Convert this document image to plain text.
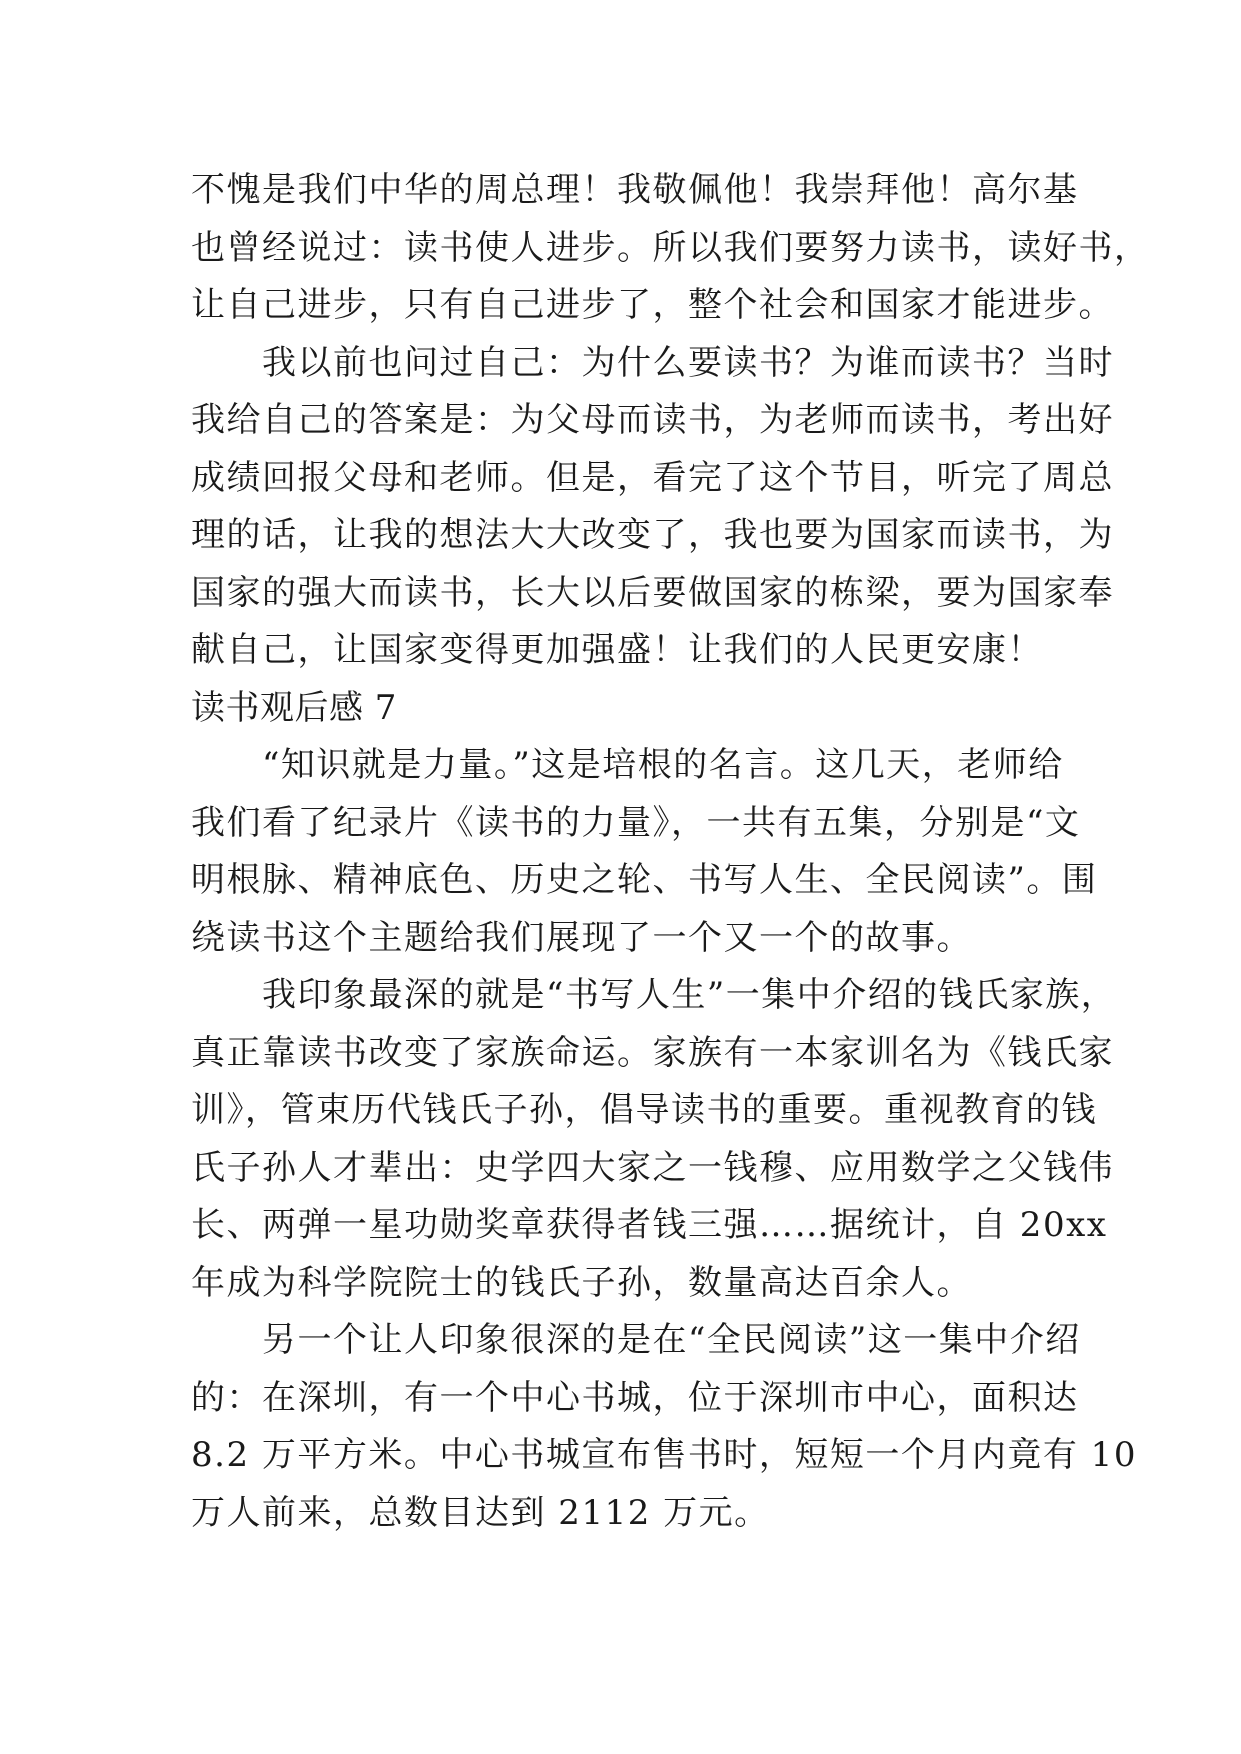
不愧是我们中华的周总理！我敬佩他！我崇拜他！高尔基
也曾经说过：读书使人进步。所以我们要努力读书，读好书，
让自己进步，只有自己进步了，整个社会和国家才能进步。
　　我以前也问过自己：为什么要读书？为谁而读书？当时
我给自己的答案是：为父母而读书，为老师而读书，考出好
成绩回报父母和老师。但是，看完了这个节目，听完了周总
理的话，让我的想法大大改变了，我也要为国家而读书，为
国家的强大而读书，长大以后要做国家的栋梁，要为国家奉
献自己，让国家变得更加强盛！让我们的人民更安康！
读书观后感 7
　　“知识就是力量。”这是培根的名言。这几天，老师给
我们看了纪录片《读书的力量》，一共有五集，分别是“文
明根脉、精神底色、历史之轮、书写人生、全民阅读”。围
绕读书这个主题给我们展现了一个又一个的故事。
　　我印象最深的就是“书写人生”一集中介绍的钱氏家族，
真正靠读书改变了家族命运。家族有一本家训名为《钱氏家
训》，管束历代钱氏子孙，倡导读书的重要。重视教育的钱
氏子孙人才辈出：史学四大家之一钱穆、应用数学之父钱伟
长、两弹一星功勋奖章获得者钱三强……据统计，自 20xx
年成为科学院院士的钱氏子孙，数量高达百余人。
　　另一个让人印象很深的是在“全民阅读”这一集中介绍
的：在深圳，有一个中心书城，位于深圳市中心，面积达
8.2 万平方米。中心书城宣布售书时，短短一个月内竟有 10
万人前来，总数目达到 2112 万元。
